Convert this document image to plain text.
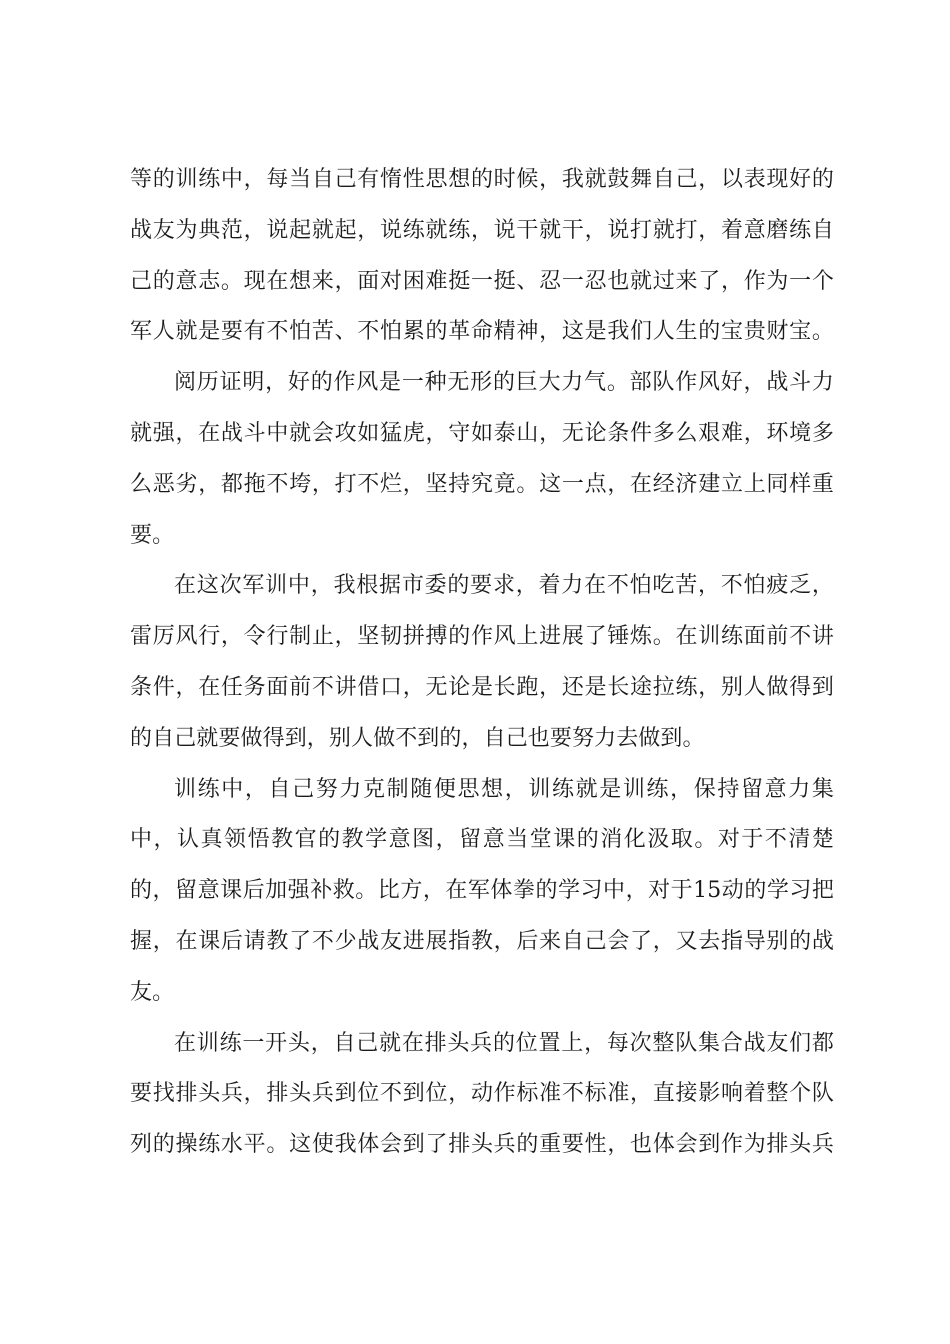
等的训练中，每当自己有惰性思想的时候，我就鼓舞自己，以表现好的
战友为典范，说起就起，说练就练，说干就干，说打就打，着意磨练自
己的意志。现在想来，面对困难挺一挺、忍一忍也就过来了，作为一个
军人就是要有不怕苦、不怕累的革命精神，这是我们人生的宝贵财宝。
阅历证明，好的作风是一种无形的巨大力气。部队作风好，战斗力
就强，在战斗中就会攻如猛虎，守如泰山，无论条件多么艰难，环境多
么恶劣，都拖不垮，打不烂，坚持究竟。这一点，在经济建立上同样重
要。
在这次军训中，我根据市委的要求，着力在不怕吃苦，不怕疲乏，
雷厉风行，令行制止，坚韧拼搏的作风上进展了锤炼。在训练面前不讲
条件，在任务面前不讲借口，无论是长跑，还是长途拉练，别人做得到
的自己就要做得到，别人做不到的，自己也要努力去做到。
训练中，自己努力克制随便思想，训练就是训练，保持留意力集
中，认真领悟教官的教学意图，留意当堂课的消化汲取。对于不清楚
的，留意课后加强补救。比方，在军体拳的学习中，对于15动的学习把
握，在课后请教了不少战友进展指教，后来自己会了，又去指导别的战
友。
在训练一开头，自己就在排头兵的位置上，每次整队集合战友们都
要找排头兵，排头兵到位不到位，动作标准不标准，直接影响着整个队
列的操练水平。这使我体会到了排头兵的重要性，也体会到作为排头兵
